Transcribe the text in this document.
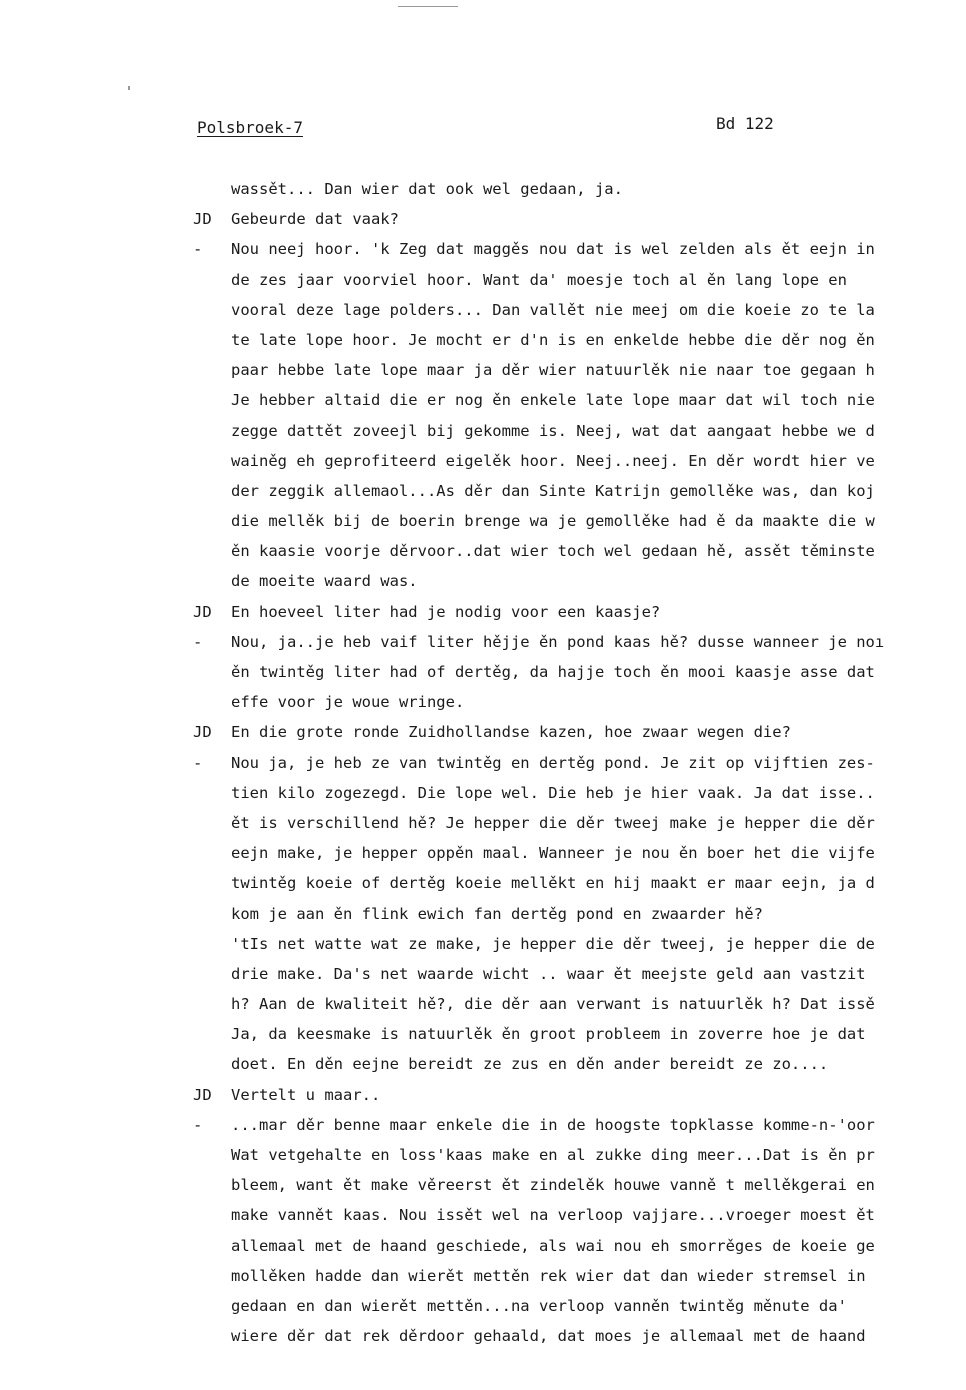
Polsbroek-7	Bd 122
wassět... Dan wier dat ook wel gedaan, ja.
JD	Gebeurde dat vaak?
-	Nou neej hoor. 'k Zeg dat maggěs nou dat is wel zelden als ět eejn in
de zes jaar voorviel hoor. Want da' moesje toch al ěn lang lope en
vooral deze lage polders... Dan vallět nie meej om die koeie zo te la
te late lope hoor. Je mocht er d'n is en enkelde hebbe die děr nog ěn
paar hebbe late lope maar ja děr wier natuurlěk nie naar toe gegaan h
Je hebber altaid die er nog ěn enkele late lope maar dat wil toch nie
zegge dattět zoveejl bij gekomme is. Neej, wat dat aangaat hebbe we d
wainěg eh geprofiteerd eigelěk hoor. Neej..neej. En děr wordt hier ve
der zeggik allemaol...As děr dan Sinte Katrijn gemollěke was, dan koj
die mellěk bij de boerin brenge wa je gemollěke had ě da maakte die w
ěn kaasie voorje děrvoor..dat wier toch wel gedaan hě, assět těminste
de moeite waard was.
JD	En hoeveel liter had je nodig voor een kaasje?
-	Nou, ja..je heb vaif liter hějje ěn pond kaas hě? dusse wanneer je noı
ěn twintěg liter had of dertěg, da hajje toch ěn mooi kaasje asse dat
effe voor je woue wringe.
JD	En die grote ronde Zuidhollandse kazen, hoe zwaar wegen die?
-	Nou ja, je heb ze van twintěg en dertěg pond. Je zit op vijftien zes-
tien kilo zogezegd. Die lope wel. Die heb je hier vaak. Ja dat isse..
ět is verschillend hě? Je hepper die děr tweej make je hepper die děr
eejn make, je hepper oppěn maal. Wanneer je nou ěn boer het die vijfe
twintěg koeie of dertěg koeie mellěkt en hij maakt er maar eejn, ja d
kom je aan ěn flink ewich fan dertěg pond en zwaarder hě?
'tIs net watte wat ze make, je hepper die děr tweej, je hepper die de
drie make. Da's net waarde wicht .. waar ět meejste geld aan vastzit
h? Aan de kwaliteit hě?, die děr aan verwant is natuurlěk h? Dat issě
Ja, da keesmake is natuurlěk ěn groot probleem in zoverre hoe je dat
doet. En děn eejne bereidt ze zus en děn ander bereidt ze zo....
JD	Vertelt u maar..
-	...mar děr benne maar enkele die in de hoogste topklasse komme-n-'oor
Wat vetgehalte en loss'kaas make en al zukke ding meer...Dat is ěn pr
bleem, want ět make věreerst ět zindelěk houwe vanně t mellěkgerai en
make vannět kaas. Nou issět wel na verloop vajjare...vroeger moest ět
allemaal met de haand geschiede, als wai nou eh smorrěges de koeie ge
mollěken hadde dan wierět mettěn rek wier dat dan wieder stremsel in
gedaan en dan wierět mettěn...na verloop vanněn twintěg měnute da'
wiere děr dat rek děrdoor gehaald, dat moes je allemaal met de haand
